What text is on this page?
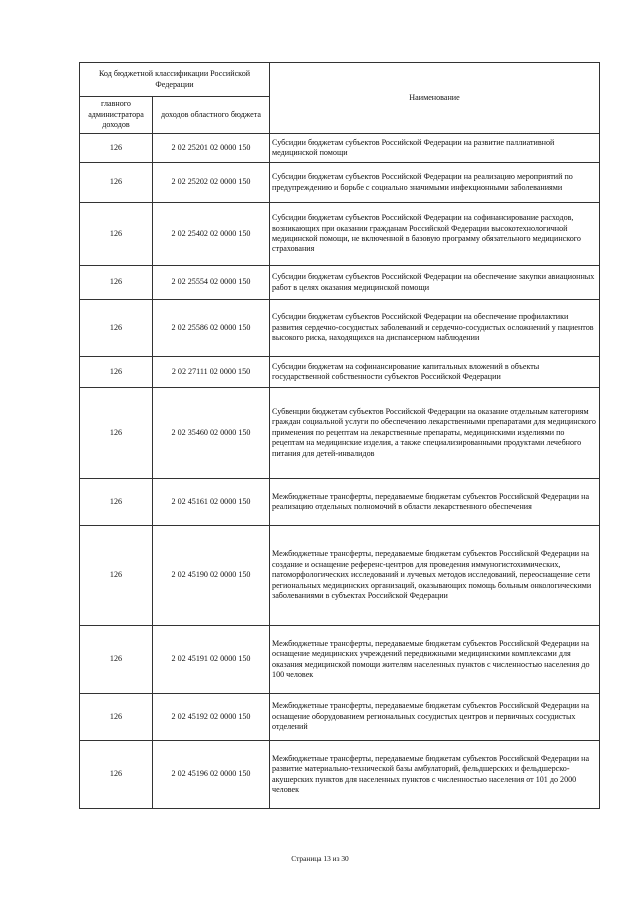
Код бюджетной классификации Российской Федерации		Наименование
главного администратора доходов	доходов областного бюджета	
126	2 02 25201 02 0000 150	Субсидии бюджетам субъектов Российской Федерации на развитие паллиативной медицинской помощи
126	2 02 25202 02 0000 150	Субсидии бюджетам субъектов Российской Федерации на реализацию мероприятий по предупреждению и борьбе с социально значимыми инфекционными заболеваниями
126	2 02 25402 02 0000 150	Субсидии бюджетам субъектов Российской Федерации на софинансирование расходов, возникающих при оказании гражданам Российской Федерации высокотехнологичной медицинской помощи, не включенной в базовую программу обязательного медицинского страхования
126	2 02 25554 02 0000 150	Субсидии бюджетам субъектов Российской Федерации на обеспечение закупки авиационных работ в целях оказания медицинской помощи
126	2 02 25586 02 0000 150	Субсидии бюджетам субъектов Российской Федерации на обеспечение профилактики развития сердечно-сосудистых заболеваний и сердечно-сосудистых осложнений у пациентов высокого риска, находящихся на диспансерном наблюдении
126	2 02 27111 02 0000 150	Субсидии бюджетам на софинансирование капитальных вложений в объекты государственной собственности субъектов Российской Федерации
126	2 02 35460 02 0000 150	Субвенции бюджетам субъектов Российской Федерации на оказание отдельным категориям граждан социальной услуги по обеспечению лекарственными препаратами для медицинского применения по рецептам на лекарственные препараты, медицинскими изделиями по рецептам на медицинские изделия, а также специализированными продуктами лечебного питания для детей-инвалидов
126	2 02 45161 02 0000 150	Межбюджетные трансферты, передаваемые бюджетам субъектов Российской Федерации на реализацию отдельных полномочий в области лекарственного обеспечения
126	2 02 45190 02 0000 150	Межбюджетные трансферты, передаваемые бюджетам субъектов Российской Федерации на создание и оснащение референс-центров для проведения иммуногистохимических, патоморфологических исследований и лучевых методов исследований, переоснащение сети региональных медицинских организаций, оказывающих помощь больным онкологическими заболеваниями в субъектах Российской Федерации
126	2 02 45191 02 0000 150	Межбюджетные трансферты, передаваемые бюджетам субъектов Российской Федерации на оснащение медицинских учреждений передвижными медицинскими комплексами для оказания медицинской помощи жителям населенных пунктов с численностью населения до 100 человек
126	2 02 45192 02 0000 150	Межбюджетные трансферты, передаваемые бюджетам субъектов Российской Федерации на оснащение оборудованием региональных сосудистых центров и первичных сосудистых отделений
126	2 02 45196 02 0000 150	Межбюджетные трансферты, передаваемые бюджетам субъектов Российской Федерации на развитие материально-технической базы амбулаторий, фельдшерских и фельдшерско-акушерских пунктов для населенных пунктов с численностью населения от 101 до 2000 человек
Страница 13 из 30
